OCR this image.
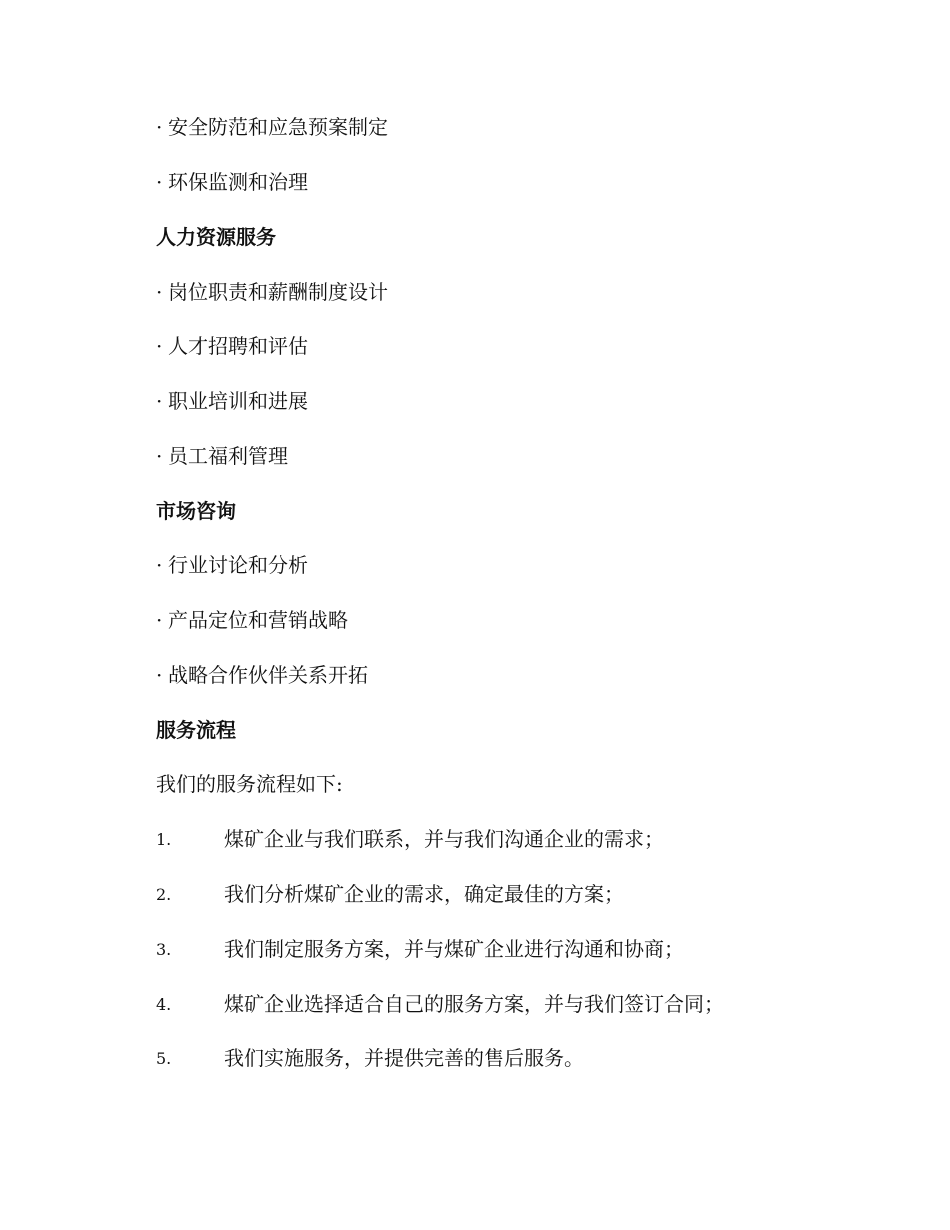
· 安全防范和应急预案制定
· 环保监测和治理
人力资源服务
· 岗位职责和薪酬制度设计
· 人才招聘和评估
· 职业培训和进展
· 员工福利管理
市场咨询
· 行业讨论和分析
· 产品定位和营销战略
· 战略合作伙伴关系开拓
服务流程
我们的服务流程如下:
1.	煤矿企业与我们联系，并与我们沟通企业的需求；
2.	我们分析煤矿企业的需求，确定最佳的方案；
3.	我们制定服务方案，并与煤矿企业进行沟通和协商；
4.	煤矿企业选择适合自己的服务方案，并与我们签订合同；
5.	我们实施服务，并提供完善的售后服务。
